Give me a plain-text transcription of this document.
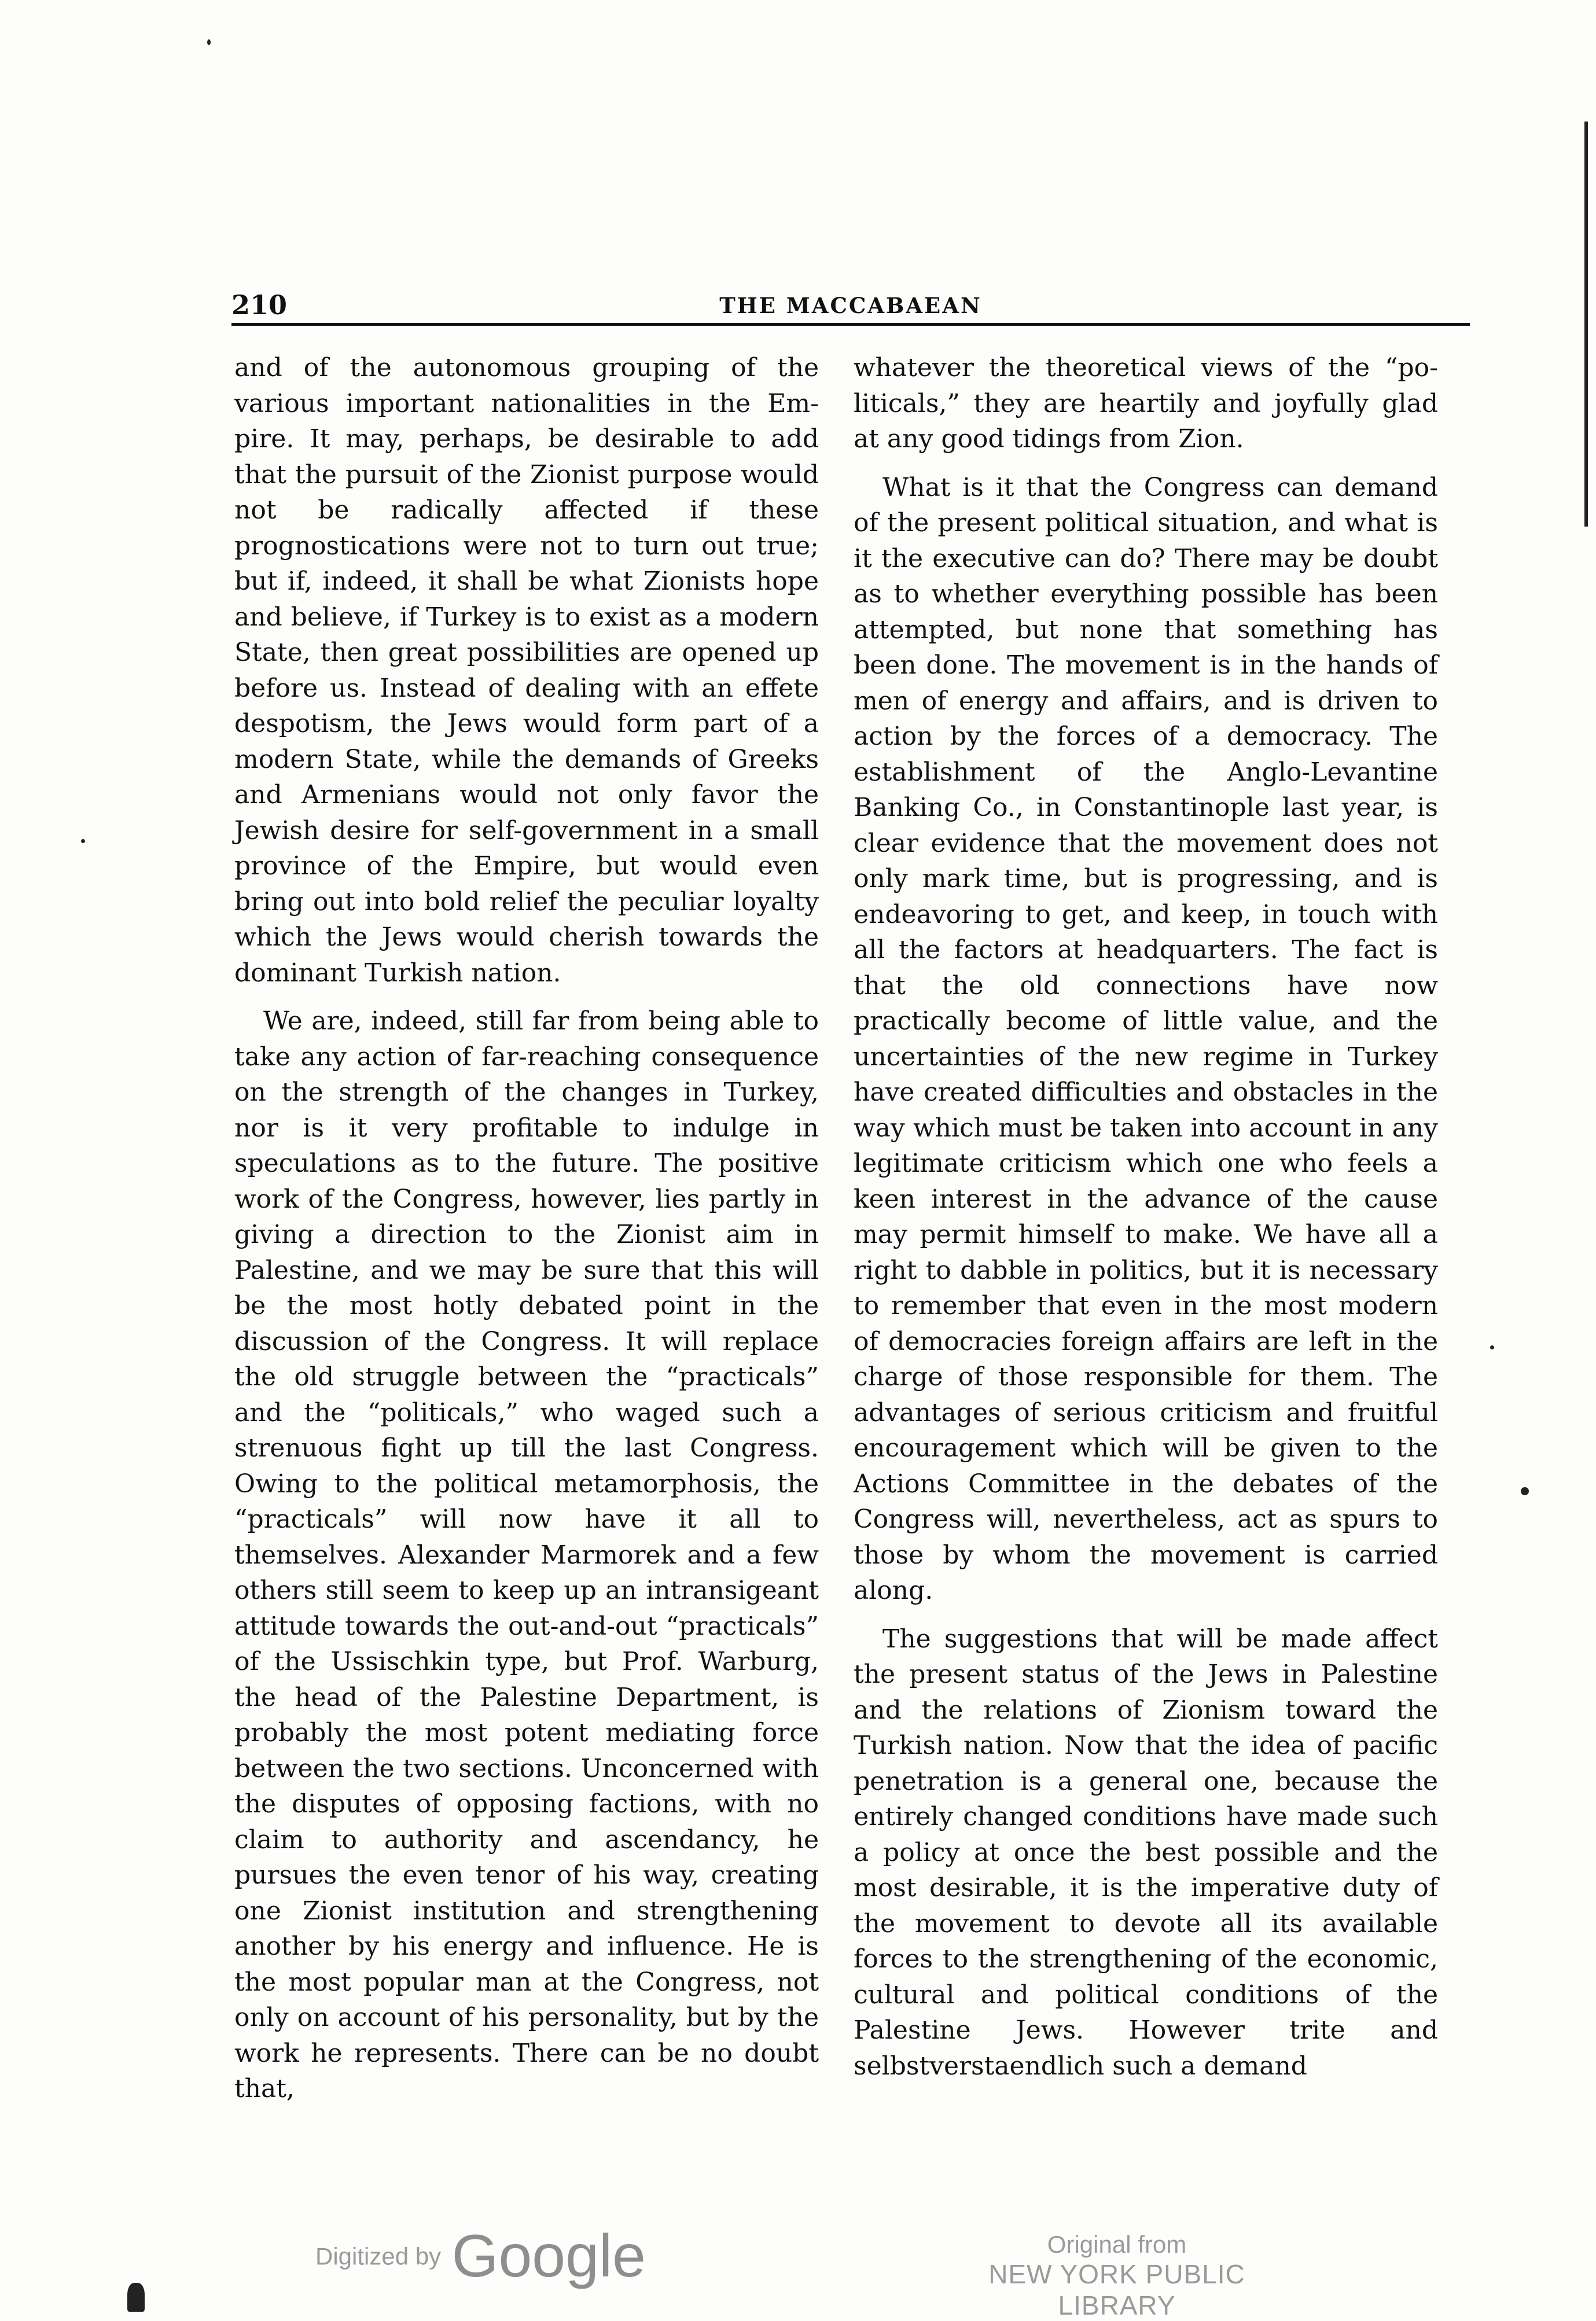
210	THE MACCABAEAN

and of the autonomous grouping of the various important nationalities in the Empire. It may, perhaps, be desirable to add that the pursuit of the Zionist purpose would not be radically affected if these prognostications were not to turn out true; but if, indeed, it shall be what Zionists hope and believe, if Turkey is to exist as a modern State, then great possibilities are opened up before us. Instead of dealing with an effete despotism, the Jews would form part of a modern State, while the demands of Greeks and Armenians would not only favor the Jewish desire for self-government in a small province of the Empire, but would even bring out into bold relief the peculiar loyalty which the Jews would cherish towards the dominant Turkish nation.

We are, indeed, still far from being able to take any action of far-reaching consequence on the strength of the changes in Turkey, nor is it very profitable to indulge in speculations as to the future. The positive work of the Congress, however, lies partly in giving a direction to the Zionist aim in Palestine, and we may be sure that this will be the most hotly debated point in the discussion of the Congress. It will replace the old struggle between the “practicals” and the “politicals,” who waged such a strenuous fight up till the last Congress. Owing to the political metamorphosis, the “practicals” will now have it all to themselves. Alexander Marmorek and a few others still seem to keep up an intransigeant attitude towards the out-and-out “practicals” of the Ussischkin type, but Prof. Warburg, the head of the Palestine Department, is probably the most potent mediating force between the two sections. Unconcerned with the disputes of opposing factions, with no claim to authority and ascendancy, he pursues the even tenor of his way, creating one Zionist institution and strengthening another by his energy and influence. He is the most popular man at the Congress, not only on account of his personality, but by the work he represents. There can be no doubt that,

whatever the theoretical views of the “politicals,” they are heartily and joyfully glad at any good tidings from Zion.

What is it that the Congress can demand of the present political situation, and what is it the executive can do? There may be doubt as to whether everything possible has been attempted, but none that something has been done. The movement is in the hands of men of energy and affairs, and is driven to action by the forces of a democracy. The establishment of the Anglo-Levantine Banking Co., in Constantinople last year, is clear evidence that the movement does not only mark time, but is progressing, and is endeavoring to get, and keep, in touch with all the factors at headquarters. The fact is that the old connections have now practically become of little value, and the uncertainties of the new regime in Turkey have created difficulties and obstacles in the way which must be taken into account in any legitimate criticism which one who feels a keen interest in the advance of the cause may permit himself to make. We have all a right to dabble in politics, but it is necessary to remember that even in the most modern of democracies foreign affairs are left in the charge of those responsible for them. The advantages of serious criticism and fruitful encouragement which will be given to the Actions Committee in the debates of the Congress will, nevertheless, act as spurs to those by whom the movement is carried along.

The suggestions that will be made affect the present status of the Jews in Palestine and the relations of Zionism toward the Turkish nation. Now that the idea of pacific penetration is a general one, because the entirely changed conditions have made such a policy at once the best possible and the most desirable, it is the imperative duty of the movement to devote all its available forces to the strengthening of the economic, cultural and political conditions of the Palestine Jews. However trite and selbstverstaendlich such a demand

Digitized by Google	Original from
NEW YORK PUBLIC LIBRARY
